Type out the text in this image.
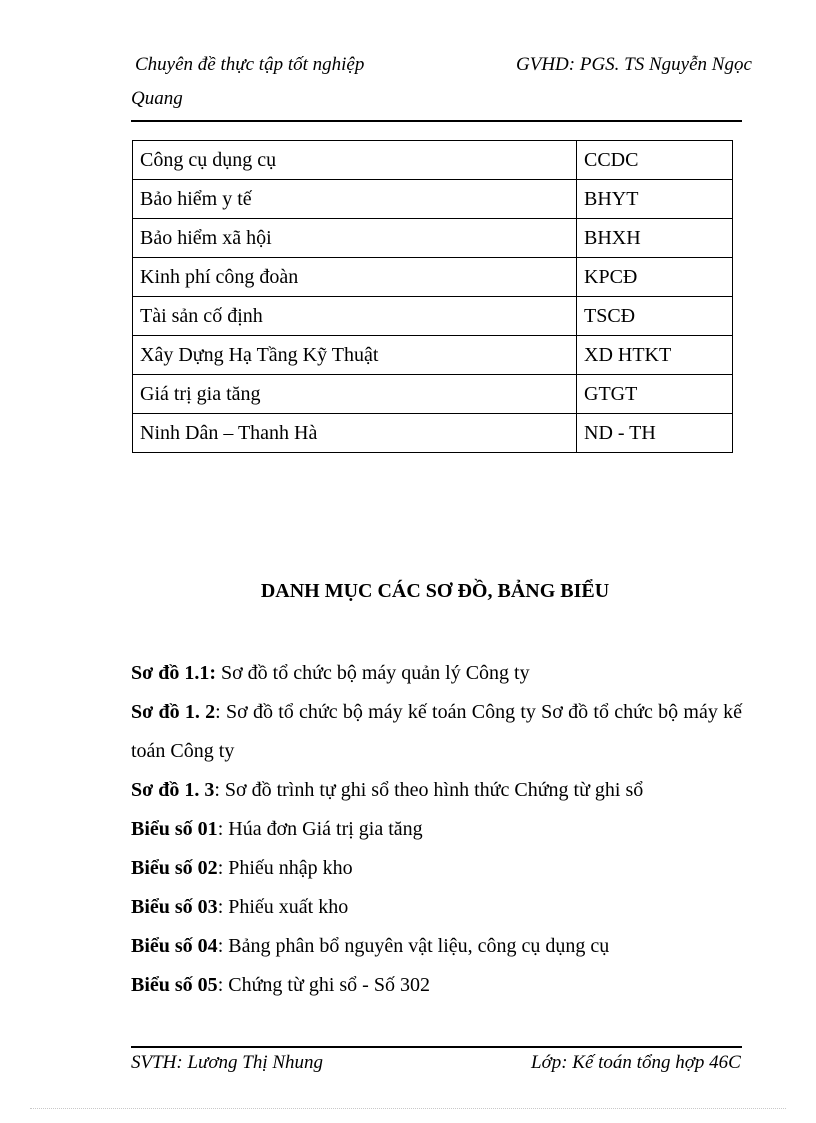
Chuyên đề thực tập tốt nghiệp	GVHD: PGS. TS Nguyễn Ngọc
Quang
Công cụ dụng cụ	CCDC
Bảo hiểm y tế	BHYT
Bảo hiểm xã hội	BHXH
Kinh phí công đoàn	KPCĐ
Tài sản cố định	TSCĐ
Xây Dựng Hạ Tầng Kỹ Thuật	XD HTKT
Giá trị gia tăng	GTGT
Ninh Dân – Thanh Hà	ND - TH
DANH MỤC CÁC SƠ ĐỒ, BẢNG BIỂU
Sơ đồ 1.1: Sơ đồ tổ chức bộ máy quản lý Công ty
Sơ đồ 1. 2: Sơ đồ tổ chức bộ máy kế toán Công ty Sơ đồ tổ chức bộ máy kế toán Công ty
Sơ đồ 1. 3: Sơ đồ trình tự ghi sổ theo hình thức Chứng từ ghi sổ
Biểu số 01: Húa đơn Giá trị gia tăng
Biểu số 02: Phiếu nhập kho
Biểu số 03: Phiếu xuất kho
Biểu số 04: Bảng phân bổ nguyên vật liệu, công cụ dụng cụ
Biểu số 05: Chứng từ ghi sổ - Số 302
SVTH: Lương Thị Nhung	Lớp: Kế toán tổng hợp 46C
